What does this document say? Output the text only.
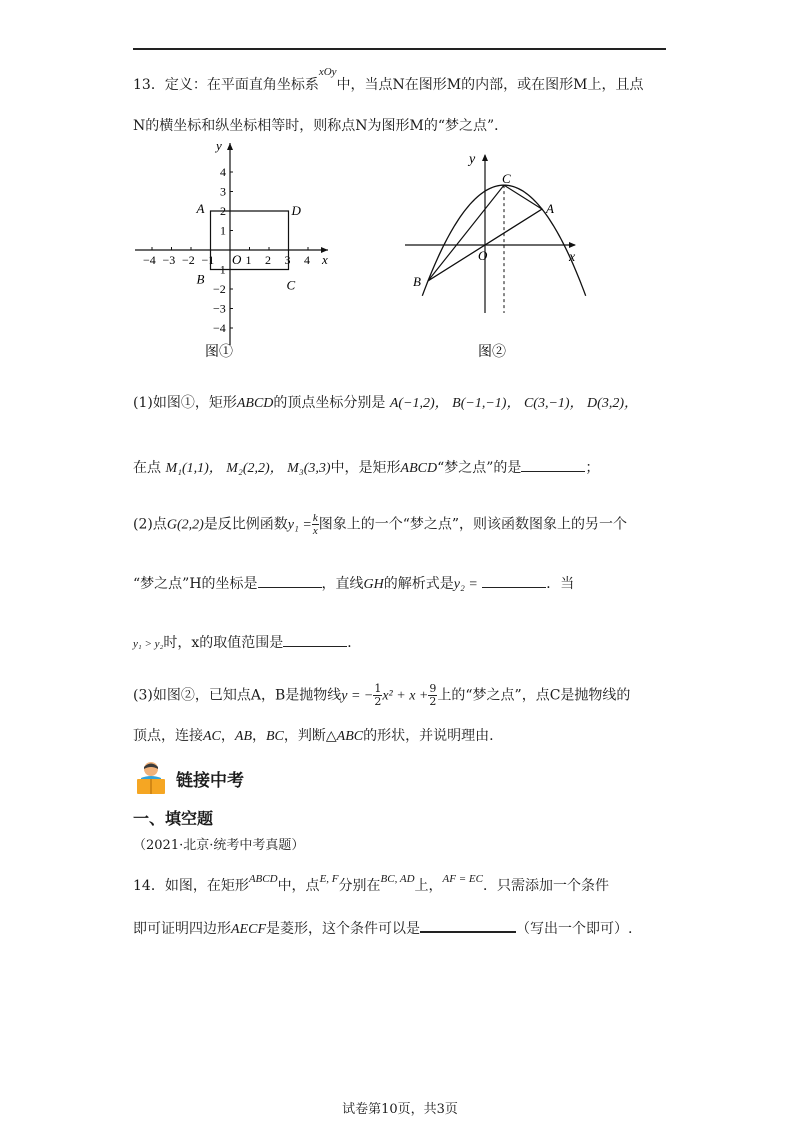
13．定义：在平面直角坐标系$^{xOy}$中，当点N在图形M的内部，或在图形M上，且点
N的横坐标和纵坐标相等时，则称点N为图形M的“梦之点”．
x
y
O
−4 −3 −2 −1	1 2 3 4
4
3
2
1
−1
−2
−3
−4
A
B	C
D
图①
x
y
O
A
B
C
图②
(1)如图①，矩形ABCD的顶点坐标分别是 A(−1,2)， B(−1,−1)， C(3,−1)， D(3,2)，
在点 M₁(1,1)， M₂(2,2)， M₃(3,3)中，是矩形ABCD“梦之点”的是	；
(2)点G(2,2)是反比例函数$y_1 = \frac{k}{x}$ 图象上的一个“梦之点”，则该函数图象上的另一个
“梦之点”H的坐标是	，直线GH的解析式是y₂ =	．当
y₁ > y₂时，x的取值范围是	．
(3)如图②，已知点A，B是抛物线y = − $\frac{1}{2} x^2 + x + \frac{9}{2}$ 上的“梦之点”，点C是抛物线的
顶点，连接AC，AB，BC，判断△ABC的形状，并说明理由.
链接中考
一、填空题
（2021·北京·统考中考真题）
14．如图，在矩形$^{ABCD}$中，点$^{E, F}$分别在$^{BC, AD}$上，$^{AF = EC}$．只需添加一个条件
即可证明四边形AECF是菱形，这个条件可以是	（写出一个即可）.
试卷第10页，共3页
